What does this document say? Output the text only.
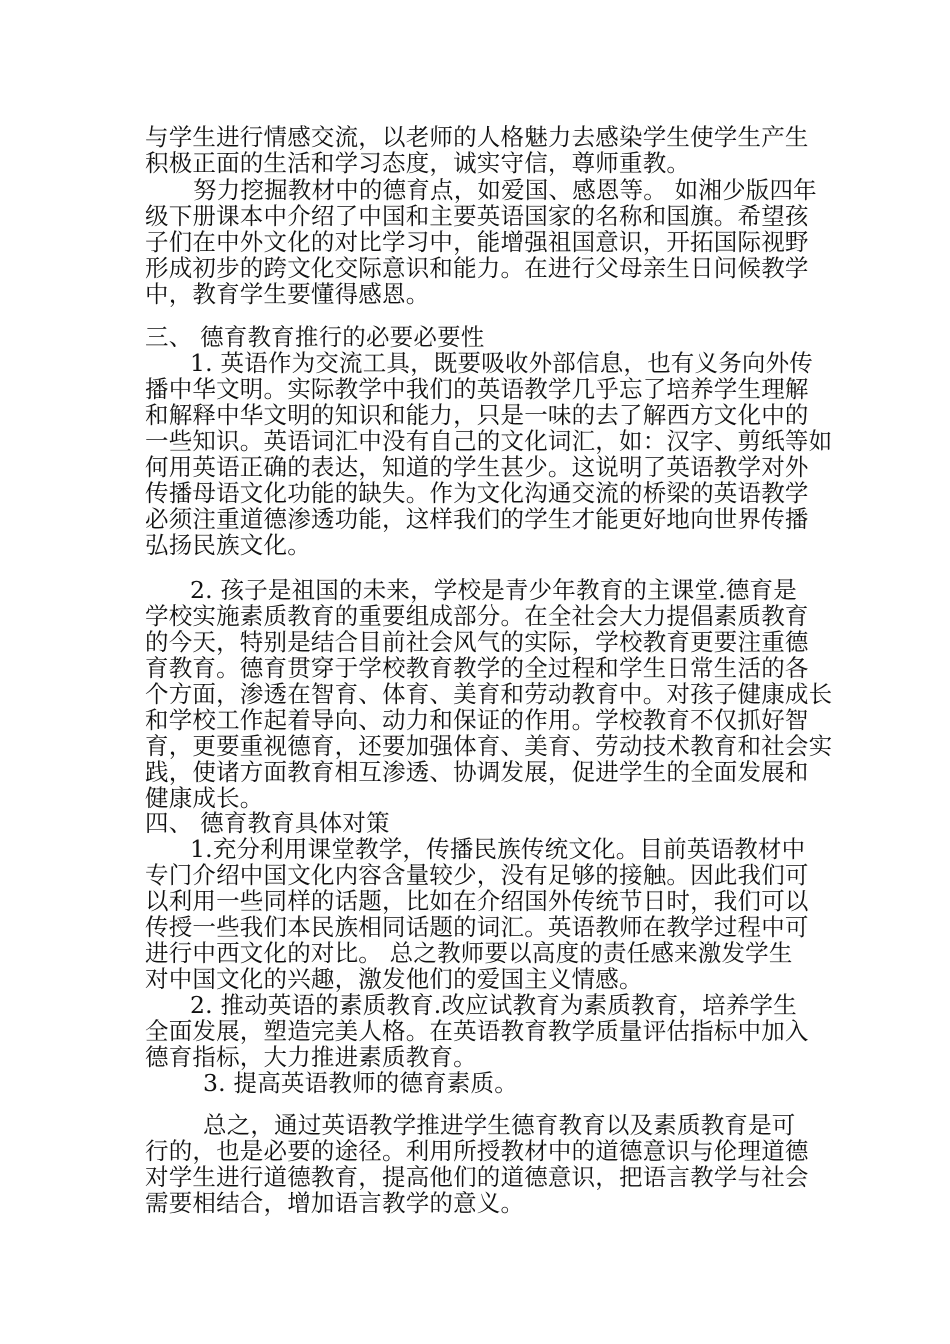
与学生进行情感交流，以老师的人格魅力去感染学生使学生产生
积极正面的生活和学习态度，诚实守信，尊师重教。
努力挖掘教材中的德育点，如爱国、感恩等。 如湘少版四年
级下册课本中介绍了中国和主要英语国家的名称和国旗。希望孩
子们在中外文化的对比学习中，能增强祖国意识，开拓国际视野
形成初步的跨文化交际意识和能力。在进行父母亲生日问候教学
中，教育学生要懂得感恩。
三、 德育教育推行的必要必要性
1. 英语作为交流工具，既要吸收外部信息，也有义务向外传
播中华文明。实际教学中我们的英语教学几乎忘了培养学生理解
和解释中华文明的知识和能力，只是一味的去了解西方文化中的
一些知识。英语词汇中没有自己的文化词汇，如：汉字、剪纸等如
何用英语正确的表达，知道的学生甚少。这说明了英语教学对外
传播母语文化功能的缺失。作为文化沟通交流的桥梁的英语教学
必须注重道德渗透功能，这样我们的学生才能更好地向世界传播
弘扬民族文化。
2. 孩子是祖国的未来，学校是青少年教育的主课堂.德育是
学校实施素质教育的重要组成部分。在全社会大力提倡素质教育
的今天，特别是结合目前社会风气的实际，学校教育更要注重德
育教育。德育贯穿于学校教育教学的全过程和学生日常生活的各
个方面，渗透在智育、体育、美育和劳动教育中。对孩子健康成长
和学校工作起着导向、动力和保证的作用。学校教育不仅抓好智
育，更要重视德育，还要加强体育、美育、劳动技术教育和社会实
践，使诸方面教育相互渗透、协调发展，促进学生的全面发展和
健康成长。
四、 德育教育具体对策
1.充分利用课堂教学，传播民族传统文化。目前英语教材中
专门介绍中国文化内容含量较少，没有足够的接触。因此我们可
以利用一些同样的话题，比如在介绍国外传统节日时，我们可以
传授一些我们本民族相同话题的词汇。英语教师在教学过程中可
进行中西文化的对比。 总之教师要以高度的责任感来激发学生
对中国文化的兴趣，激发他们的爱国主义情感。
2. 推动英语的素质教育.改应试教育为素质教育，培养学生
全面发展，塑造完美人格。在英语教育教学质量评估指标中加入
德育指标，大力推进素质教育。
3. 提高英语教师的德育素质。
总之，通过英语教学推进学生德育教育以及素质教育是可
行的，也是必要的途径。利用所授教材中的道德意识与伦理道德
对学生进行道德教育，提高他们的道德意识，把语言教学与社会
需要相结合，增加语言教学的意义。
